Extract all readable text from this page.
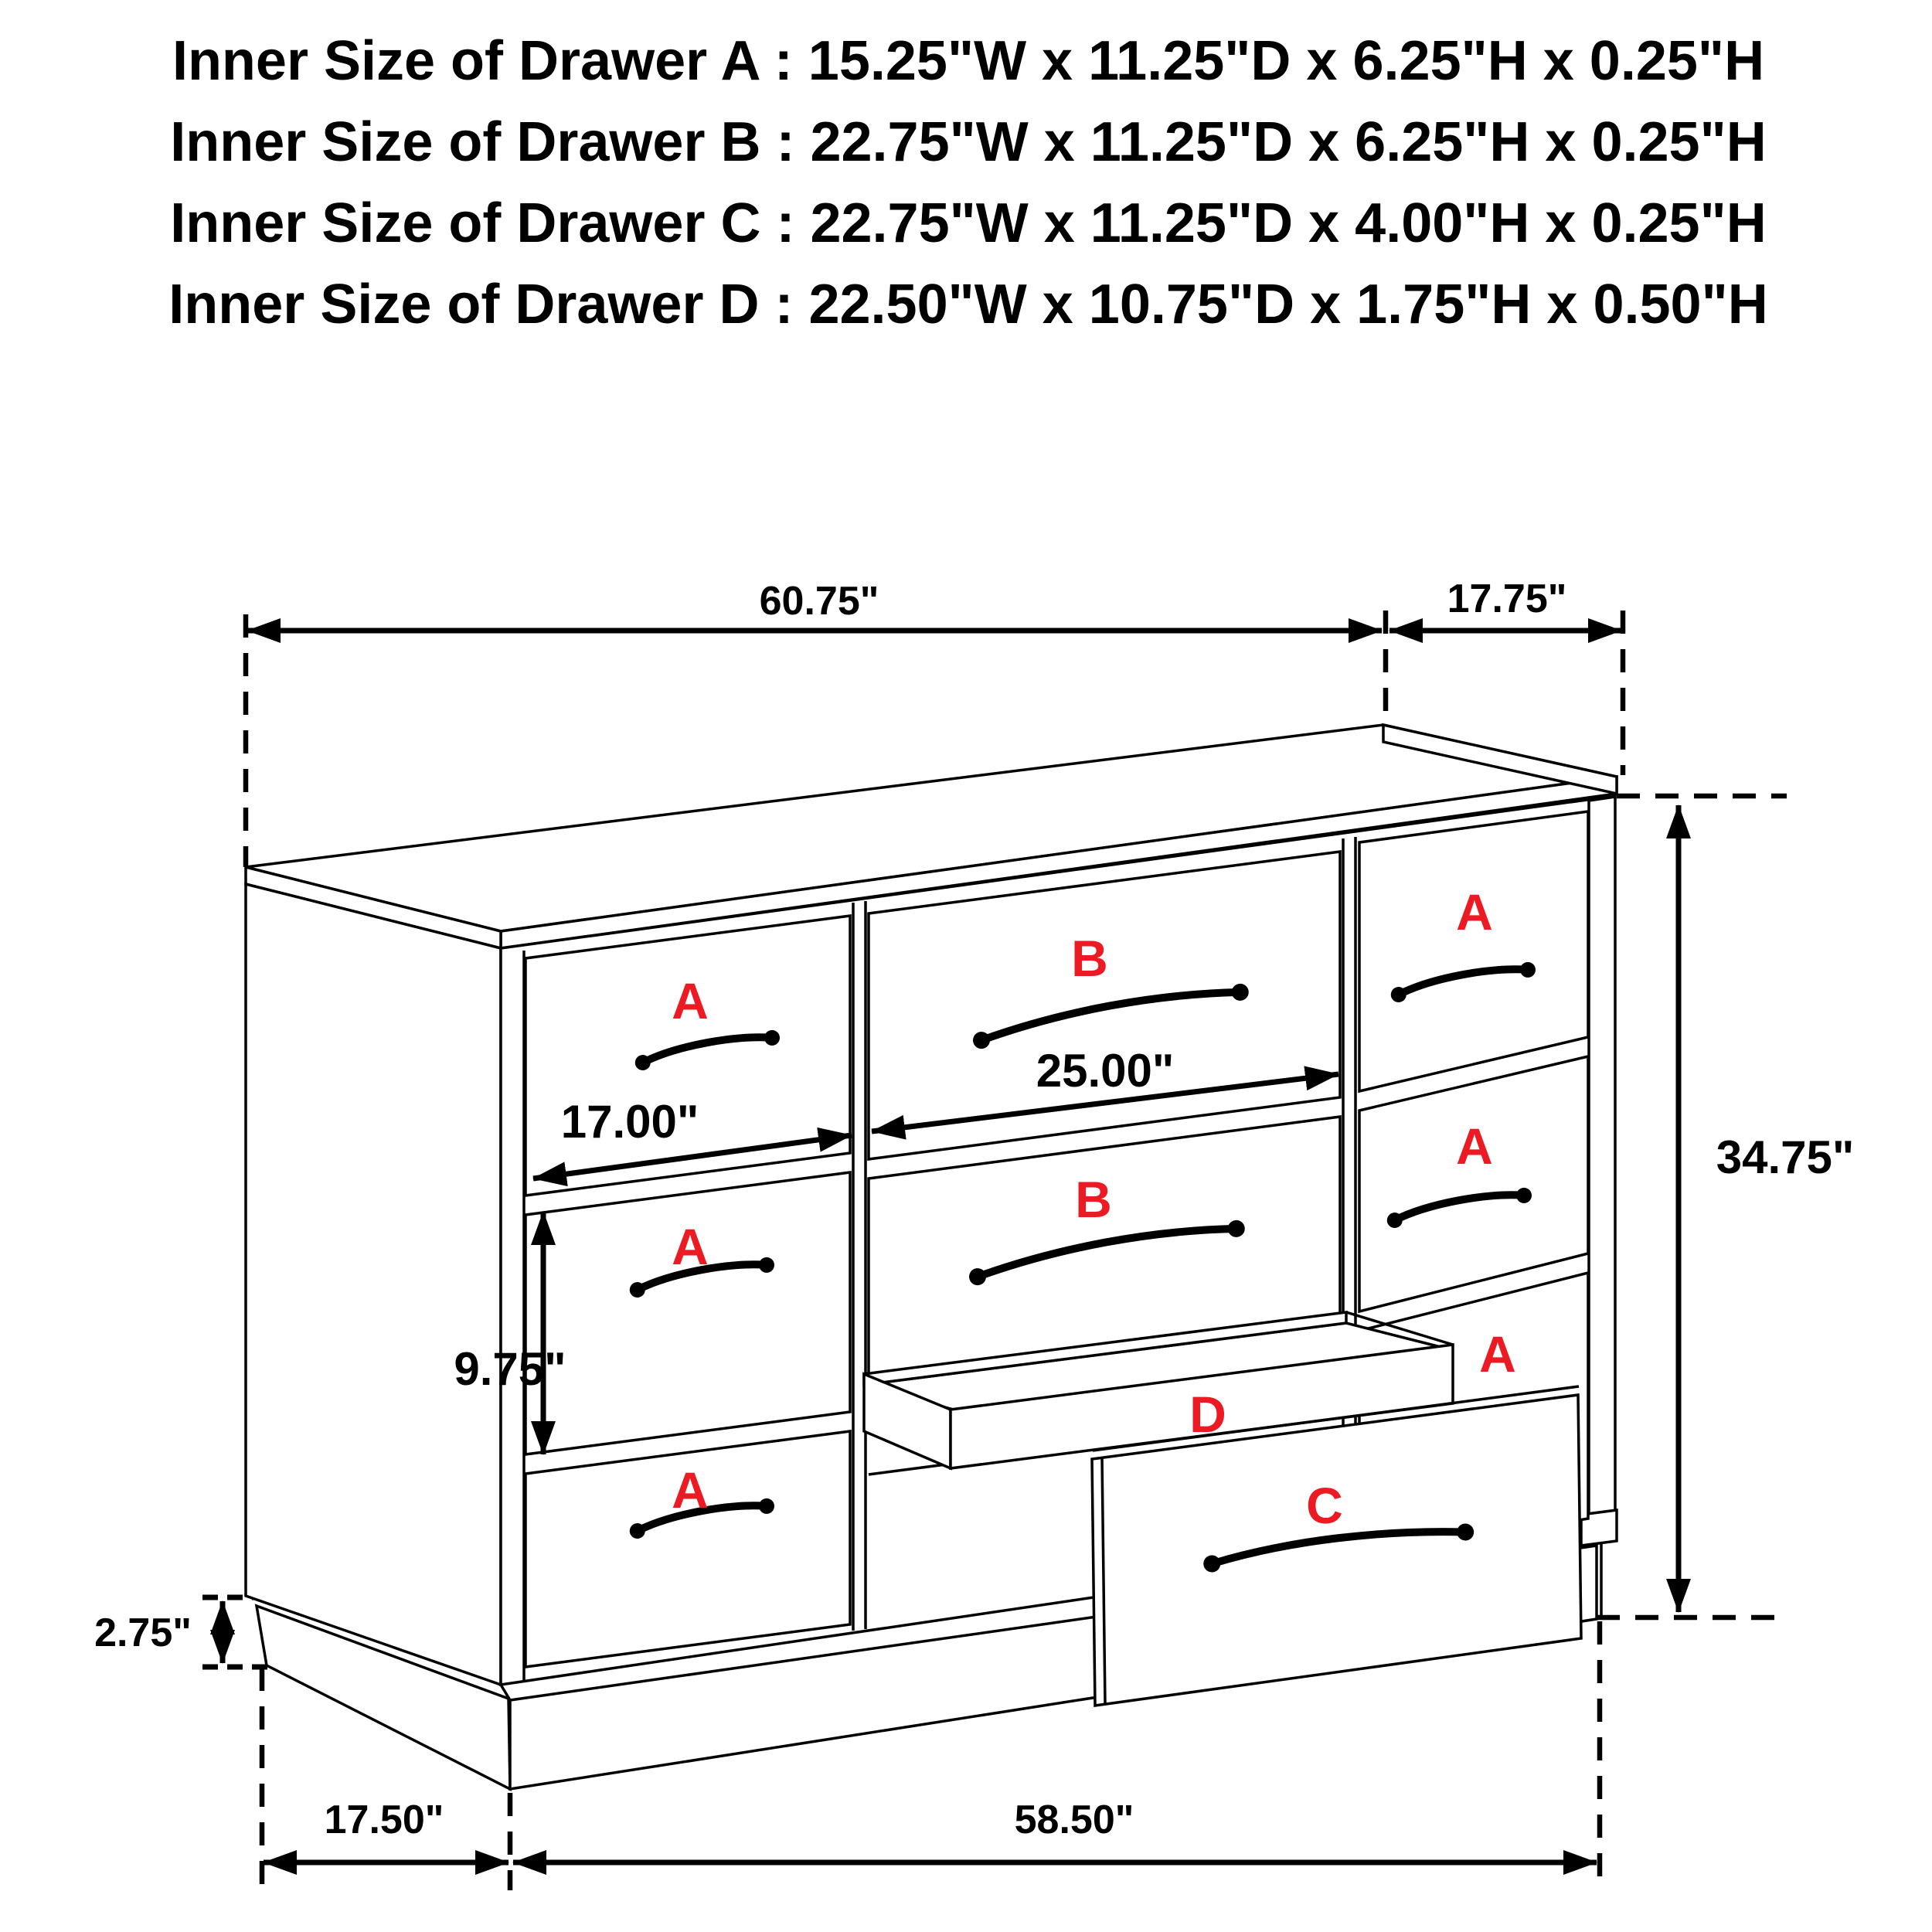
Inner Size of Drawer A : 15.25"W x 11.25"D x 6.25"H x 0.25"H
Inner Size of Drawer B : 22.75"W x 11.25"D x 6.25"H x 0.25"H
Inner Size of Drawer C : 22.75"W x 11.25"D x 4.00"H x 0.25"H
Inner Size of Drawer D : 22.50"W x 10.75"D x 1.75"H x 0.50"H
A
A
A
B
B
A
A
A
D
C
60.75"	17.75"
17.00"
25.00"
9.75"
34.75"
2.75"
17.50"	58.50"
